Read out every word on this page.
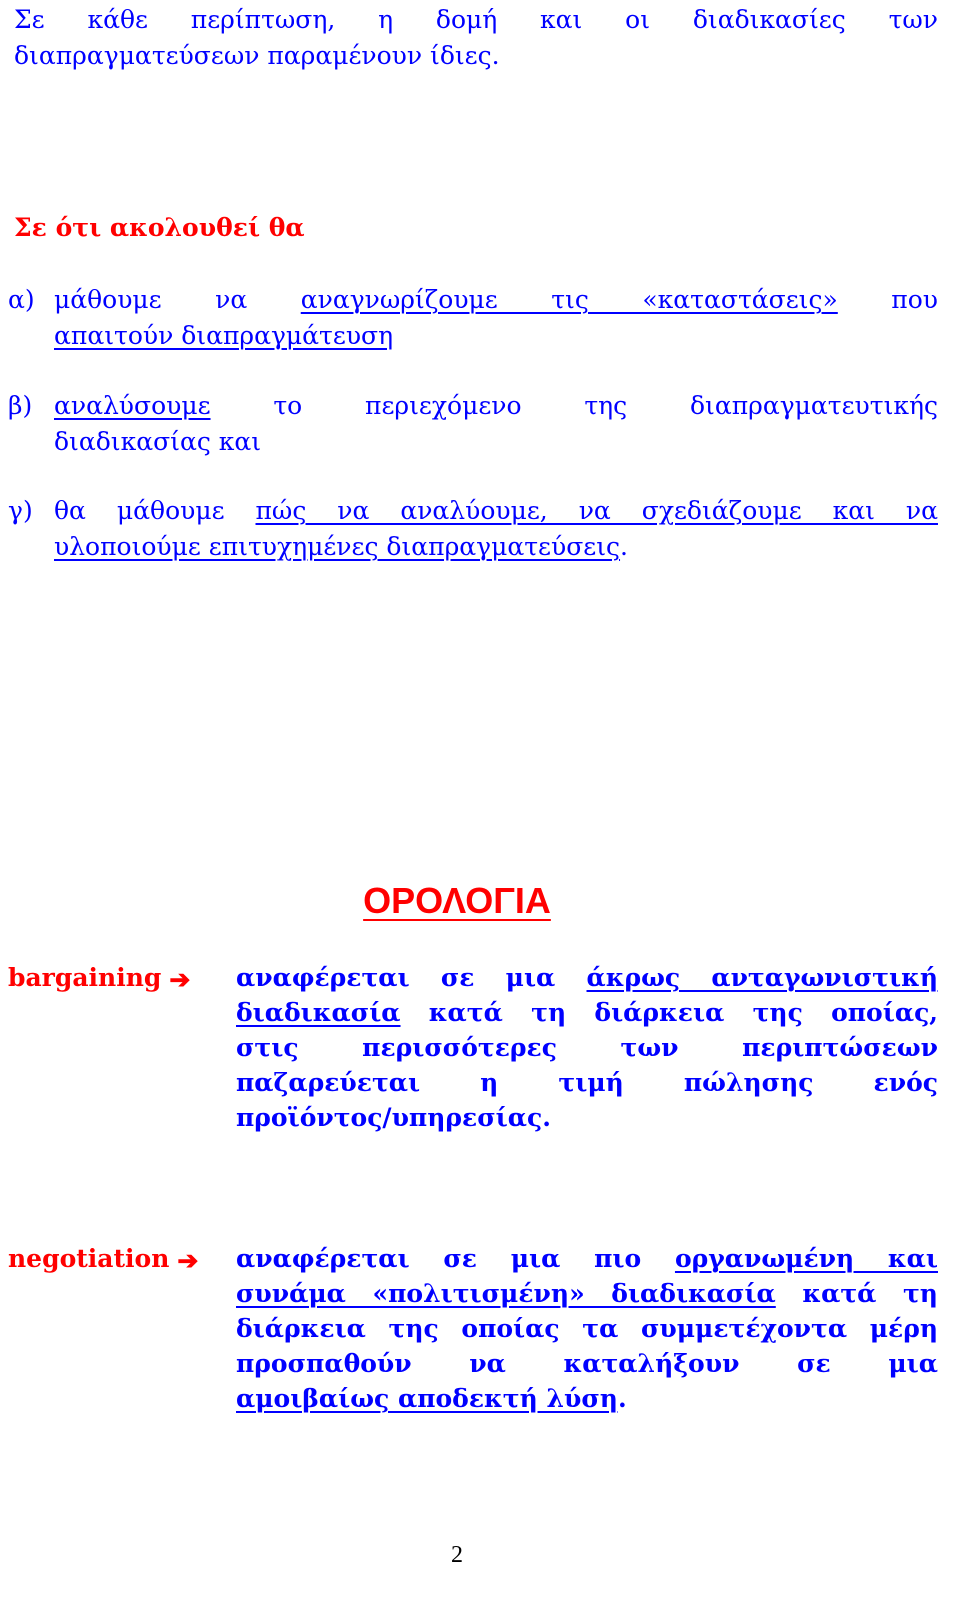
Σε κάθε περίπτωση, η δομή και οι διαδικασίες των
διαπραγματεύσεων παραμένουν ίδιες.
Σε ότι ακολουθεί θα
α) μάθουμε να αναγνωρίζουμε τις «καταστάσεις» που
απαιτούν διαπραγμάτευση
β) αναλύσουμε το περιεχόμενο της διαπραγματευτικής
διαδικασίας και
γ) θα μάθουμε πώς να αναλύουμε, να σχεδιάζουμε και να
υλοποιούμε επιτυχημένες διαπραγματεύσεις.
ΟΡΟΛΟΓΙΑ
bargaining ➔	αναφέρεται σε μια άκρως ανταγωνιστική
διαδικασία κατά τη διάρκεια της οποίας,
στις περισσότερες των περιπτώσεων
παζαρεύεται η τιμή πώλησης ενός
προϊόντος/υπηρεσίας.
negotiation ➔	αναφέρεται σε μια πιο οργανωμένη και
συνάμα «πολιτισμένη» διαδικασία κατά τη
διάρκεια της οποίας τα συμμετέχοντα μέρη
προσπαθούν να καταλήξουν σε μια
αμοιβαίως αποδεκτή λύση.
2
